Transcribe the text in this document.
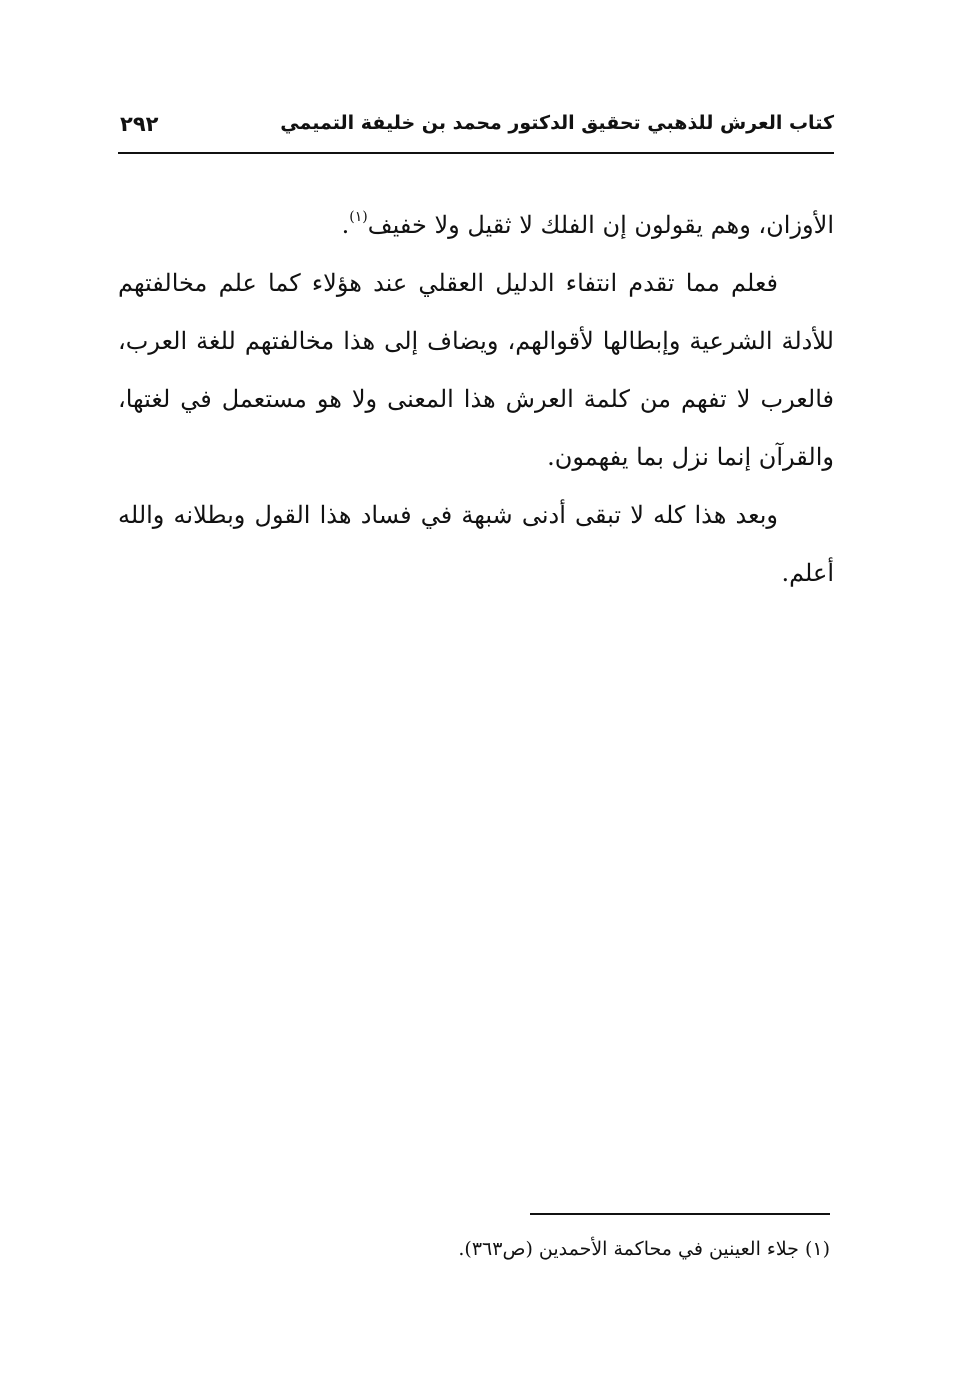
كتاب العرش للذهبي تحقيق الدكتور محمد بن خليفة التميمي
٢٩٢
الأوزان، وهم يقولون إن الفلك لا ثقيل ولا خفيف$^{(١)}$.
فعلم مما تقدم انتفاء الدليل العقلي عند هؤلاء كما علم مخالفتهم
للأدلة الشرعية وإبطالها لأقوالهم، ويضاف إلى هذا مخالفتهم للغة العرب،
فالعرب لا تفهم من كلمة العرش هذا المعنى ولا هو مستعمل في لغتها،
والقرآن إنما نزل بما يفهمون.
وبعد هذا كله لا تبقى أدنى شبهة في فساد هذا القول وبطلانه والله
أعلم.
(١) جلاء العينين في محاكمة الأحمدين (ص٣٦٣).
